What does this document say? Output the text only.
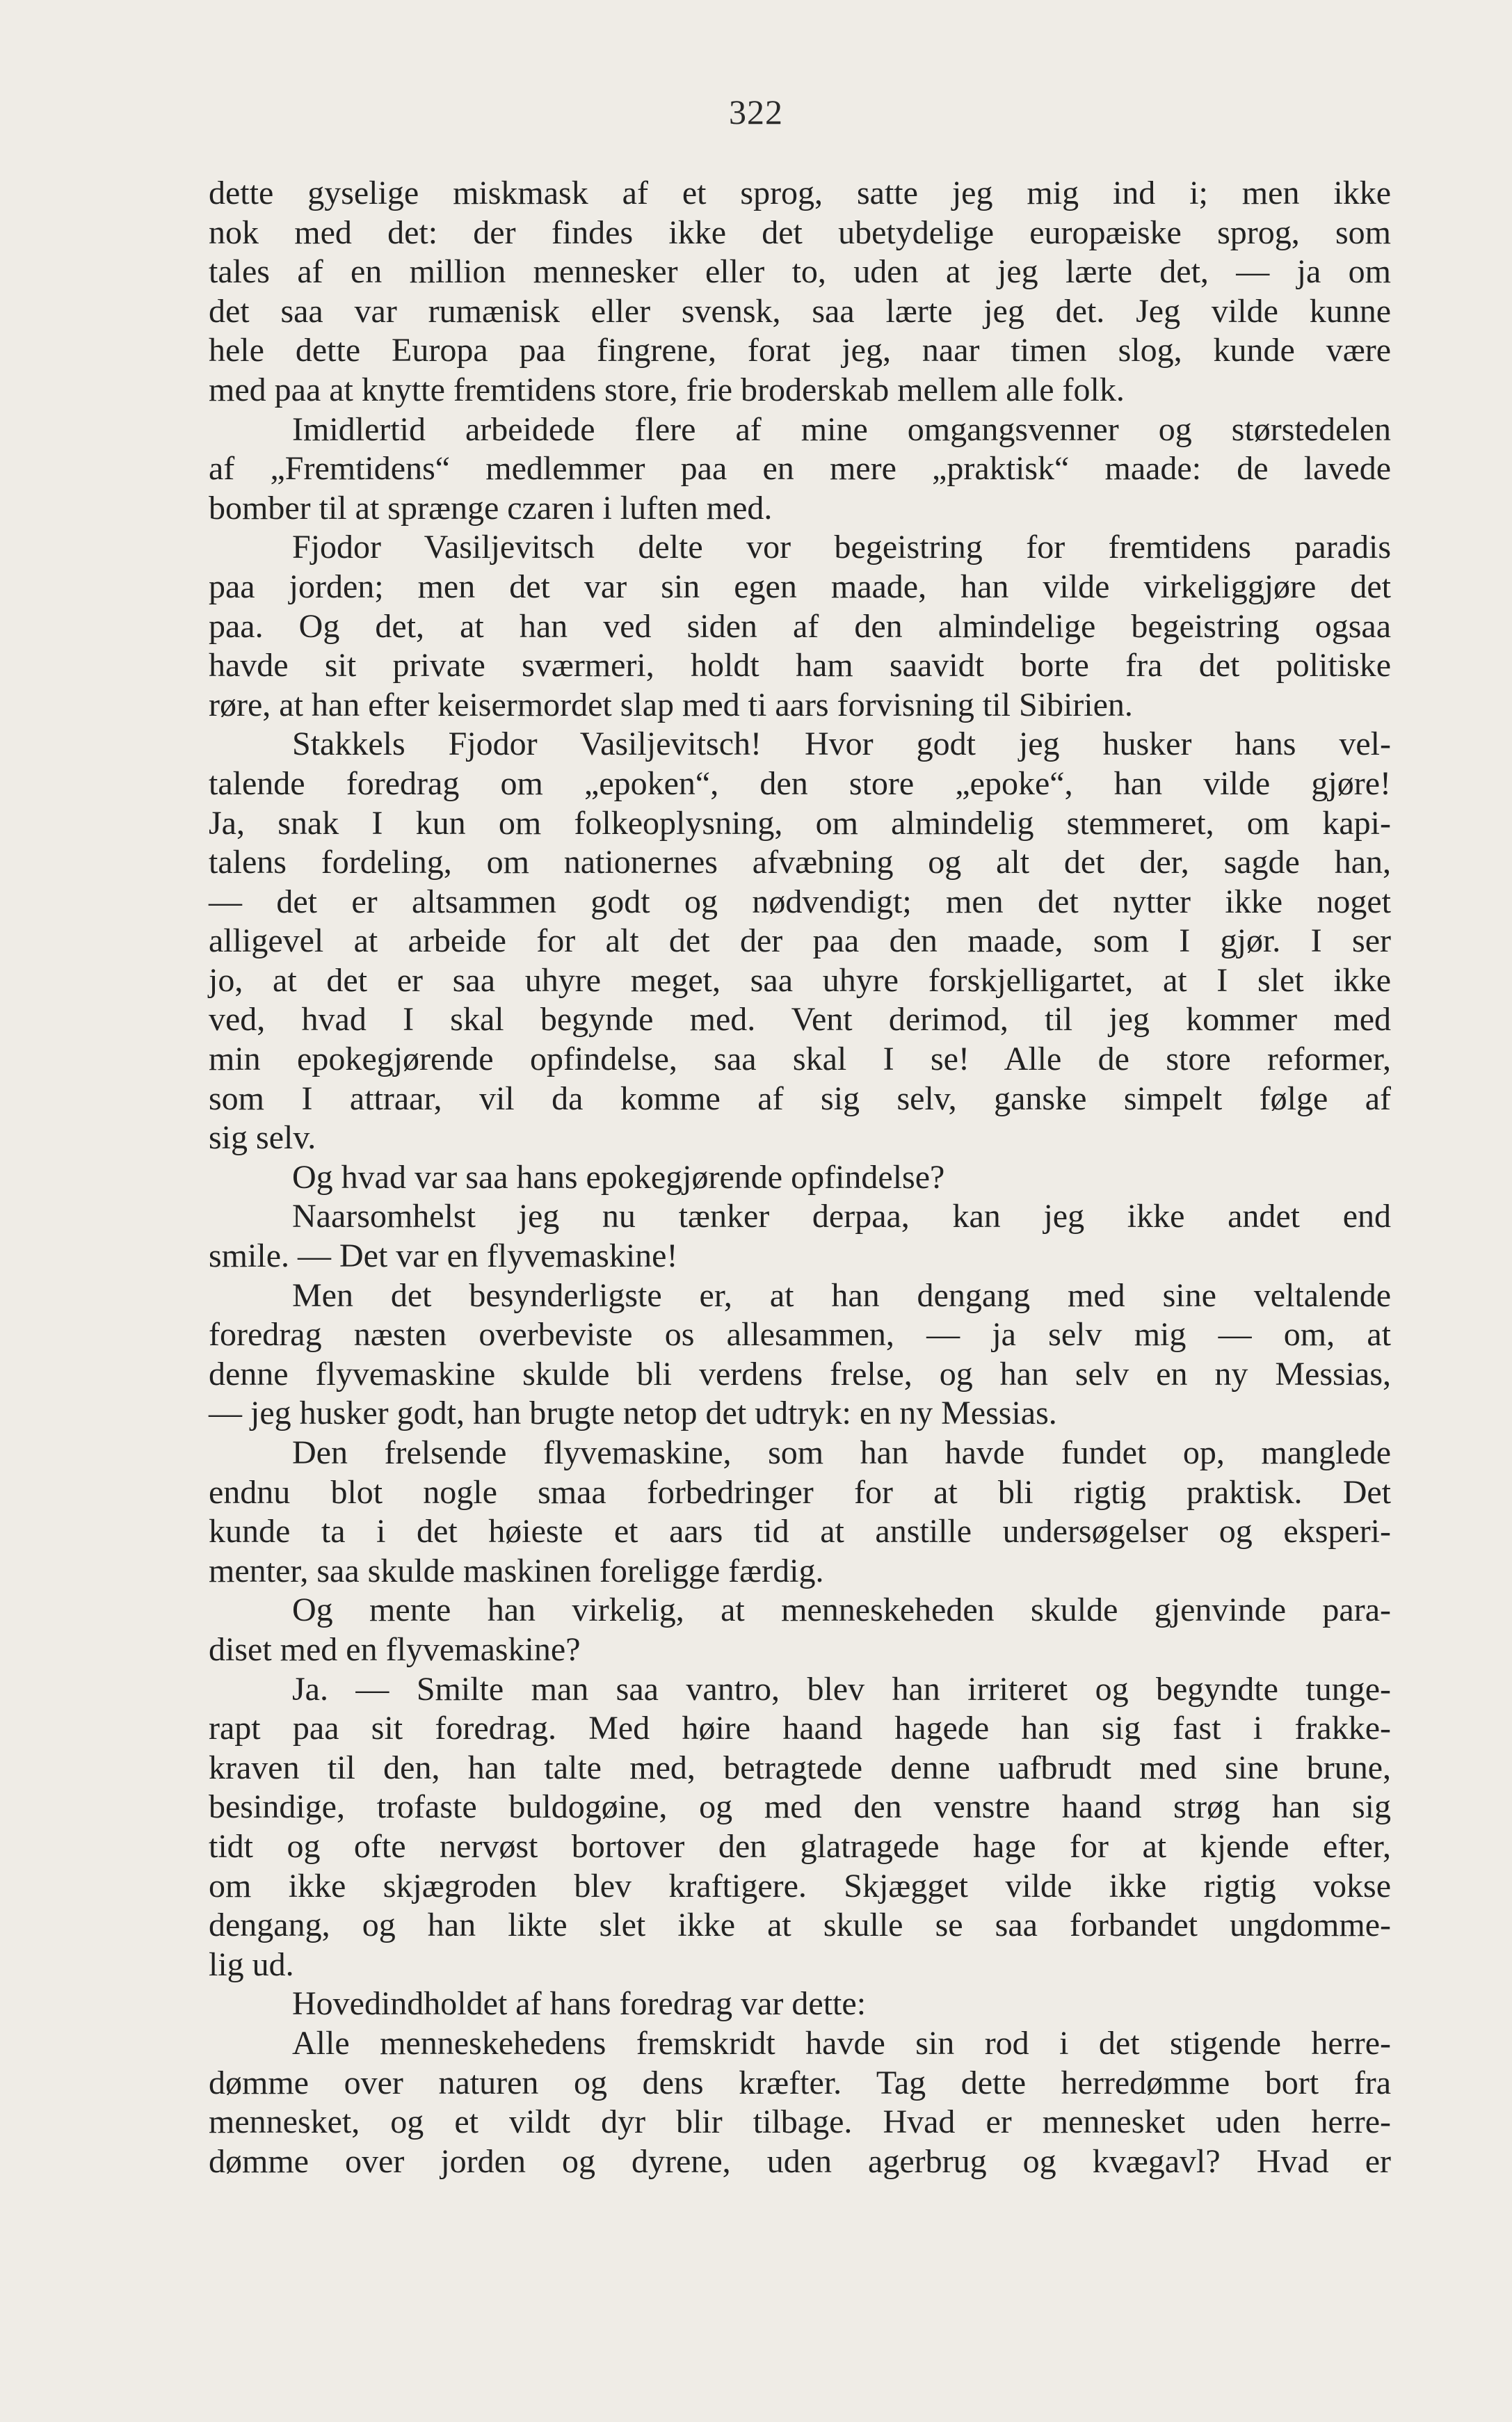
322
dette gyselige miskmask af et sprog, satte jeg mig ind i; men ikke
nok med det: der findes ikke det ubetydelige europæiske sprog, som
tales af en million mennesker eller to, uden at jeg lærte det, — ja om
det saa var rumænisk eller svensk, saa lærte jeg det. Jeg vilde kunne
hele dette Europa paa fingrene, forat jeg, naar timen slog, kunde være
med paa at knytte fremtidens store, frie broderskab mellem alle folk.
Imidlertid arbeidede flere af mine omgangsvenner og størstedelen
af „Fremtidens“ medlemmer paa en mere „praktisk“ maade: de lavede
bomber til at sprænge czaren i luften med.
Fjodor Vasiljevitsch delte vor begeistring for fremtidens paradis
paa jorden; men det var sin egen maade, han vilde virkeliggjøre det
paa. Og det, at han ved siden af den almindelige begeistring ogsaa
havde sit private sværmeri, holdt ham saavidt borte fra det politiske
røre, at han efter keisermordet slap med ti aars forvisning til Sibirien.
Stakkels Fjodor Vasiljevitsch! Hvor godt jeg husker hans vel-
talende foredrag om „epoken“, den store „epoke“, han vilde gjøre!
Ja, snak I kun om folkeoplysning, om almindelig stemmeret, om kapi-
talens fordeling, om nationernes afvæbning og alt det der, sagde han,
— det er altsammen godt og nødvendigt; men det nytter ikke noget
alligevel at arbeide for alt det der paa den maade, som I gjør. I ser
jo, at det er saa uhyre meget, saa uhyre forskjelligartet, at I slet ikke
ved, hvad I skal begynde med. Vent derimod, til jeg kommer med
min epokegjørende opfindelse, saa skal I se! Alle de store reformer,
som I attraar, vil da komme af sig selv, ganske simpelt følge af
sig selv.
Og hvad var saa hans epokegjørende opfindelse?
Naarsomhelst jeg nu tænker derpaa, kan jeg ikke andet end
smile. — Det var en flyvemaskine!
Men det besynderligste er, at han dengang med sine veltalende
foredrag næsten overbeviste os allesammen, — ja selv mig — om, at
denne flyvemaskine skulde bli verdens frelse, og han selv en ny Messias,
— jeg husker godt, han brugte netop det udtryk: en ny Messias.
Den frelsende flyvemaskine, som han havde fundet op, manglede
endnu blot nogle smaa forbedringer for at bli rigtig praktisk. Det
kunde ta i det høieste et aars tid at anstille undersøgelser og eksperi-
menter, saa skulde maskinen foreligge færdig.
Og mente han virkelig, at menneskeheden skulde gjenvinde para-
diset med en flyvemaskine?
Ja. — Smilte man saa vantro, blev han irriteret og begyndte tunge-
rapt paa sit foredrag. Med høire haand hagede han sig fast i frakke-
kraven til den, han talte med, betragtede denne uafbrudt med sine brune,
besindige, trofaste buldogøine, og med den venstre haand strøg han sig
tidt og ofte nervøst bortover den glatragede hage for at kjende efter,
om ikke skjægroden blev kraftigere. Skjægget vilde ikke rigtig vokse
dengang, og han likte slet ikke at skulle se saa forbandet ungdomme-
lig ud.
Hovedindholdet af hans foredrag var dette:
Alle menneskehedens fremskridt havde sin rod i det stigende herre-
dømme over naturen og dens kræfter. Tag dette herredømme bort fra
mennesket, og et vildt dyr blir tilbage. Hvad er mennesket uden herre-
dømme over jorden og dyrene, uden agerbrug og kvægavl? Hvad er
